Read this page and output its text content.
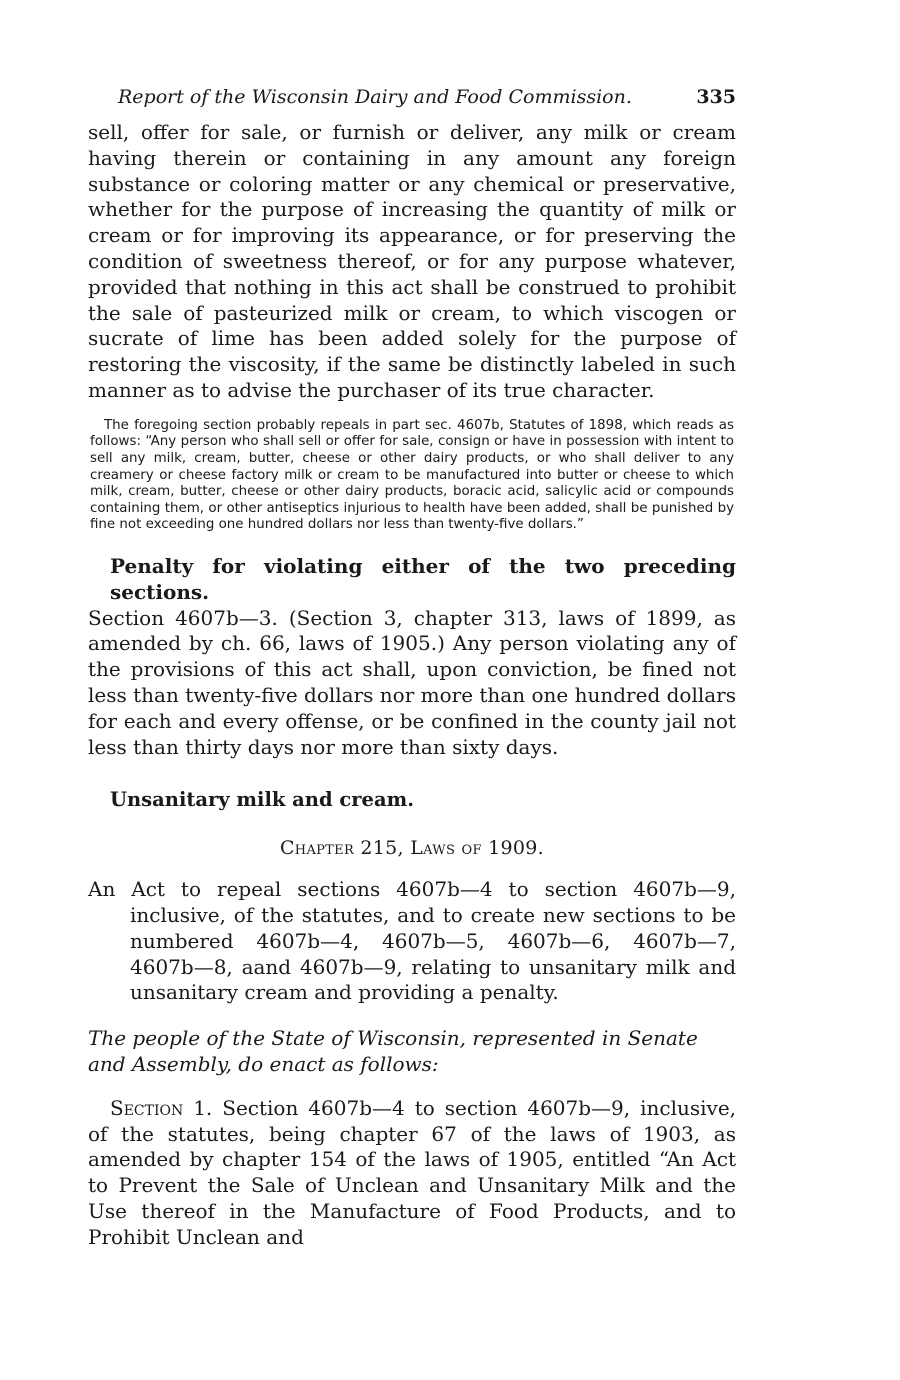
Report of the Wisconsin Dairy and Food Commission.	335

sell, offer for sale, or furnish or deliver, any milk or cream having therein or containing in any amount any foreign substance or coloring matter or any chemical or preservative, whether for the purpose of increasing the quantity of milk or cream or for improving its appearance, or for preserving the condition of sweetness thereof, or for any purpose whatever, provided that nothing in this act shall be construed to prohibit the sale of pasteurized milk or cream, to which viscogen or sucrate of lime has been added solely for the purpose of restoring the viscosity, if the same be distinctly labeled in such manner as to advise the purchaser of its true character.

The foregoing section probably repeals in part sec. 4607b, Statutes of 1898, which reads as follows: “Any person who shall sell or offer for sale, consign or have in possession with intent to sell any milk, cream, butter, cheese or other dairy products, or who shall deliver to any creamery or cheese factory milk or cream to be manufactured into butter or cheese to which milk, cream, butter, cheese or other dairy products, boracic acid, salicylic acid or compounds containing them, or other antiseptics injurious to health have been added, shall be punished by fine not exceeding one hundred dollars nor less than twenty-five dollars.”

Penalty for violating either of the two preceding sections.
Section 4607b—3. (Section 3, chapter 313, laws of 1899, as amended by ch. 66, laws of 1905.) Any person violating any of the provisions of this act shall, upon conviction, be fined not less than twenty-five dollars nor more than one hundred dollars for each and every offense, or be confined in the county jail not less than thirty days nor more than sixty days.

Unsanitary milk and cream.
Chapter 215, Laws of 1909.

An Act to repeal sections 4607b—4 to section 4607b—9, inclusive, of the statutes, and to create new sections to be numbered 4607b—4, 4607b—5, 4607b—6, 4607b—7, 4607b—8, aand 4607b—9, relating to unsanitary milk and unsanitary cream and providing a penalty.

The people of the State of Wisconsin, represented in Senate and Assembly, do enact as follows:

Section 1. Section 4607b—4 to section 4607b—9, inclusive, of the statutes, being chapter 67 of the laws of 1903, as amended by chapter 154 of the laws of 1905, entitled “An Act to Prevent the Sale of Unclean and Unsanitary Milk and the Use thereof in the Manufacture of Food Products, and to Prohibit Unclean and
